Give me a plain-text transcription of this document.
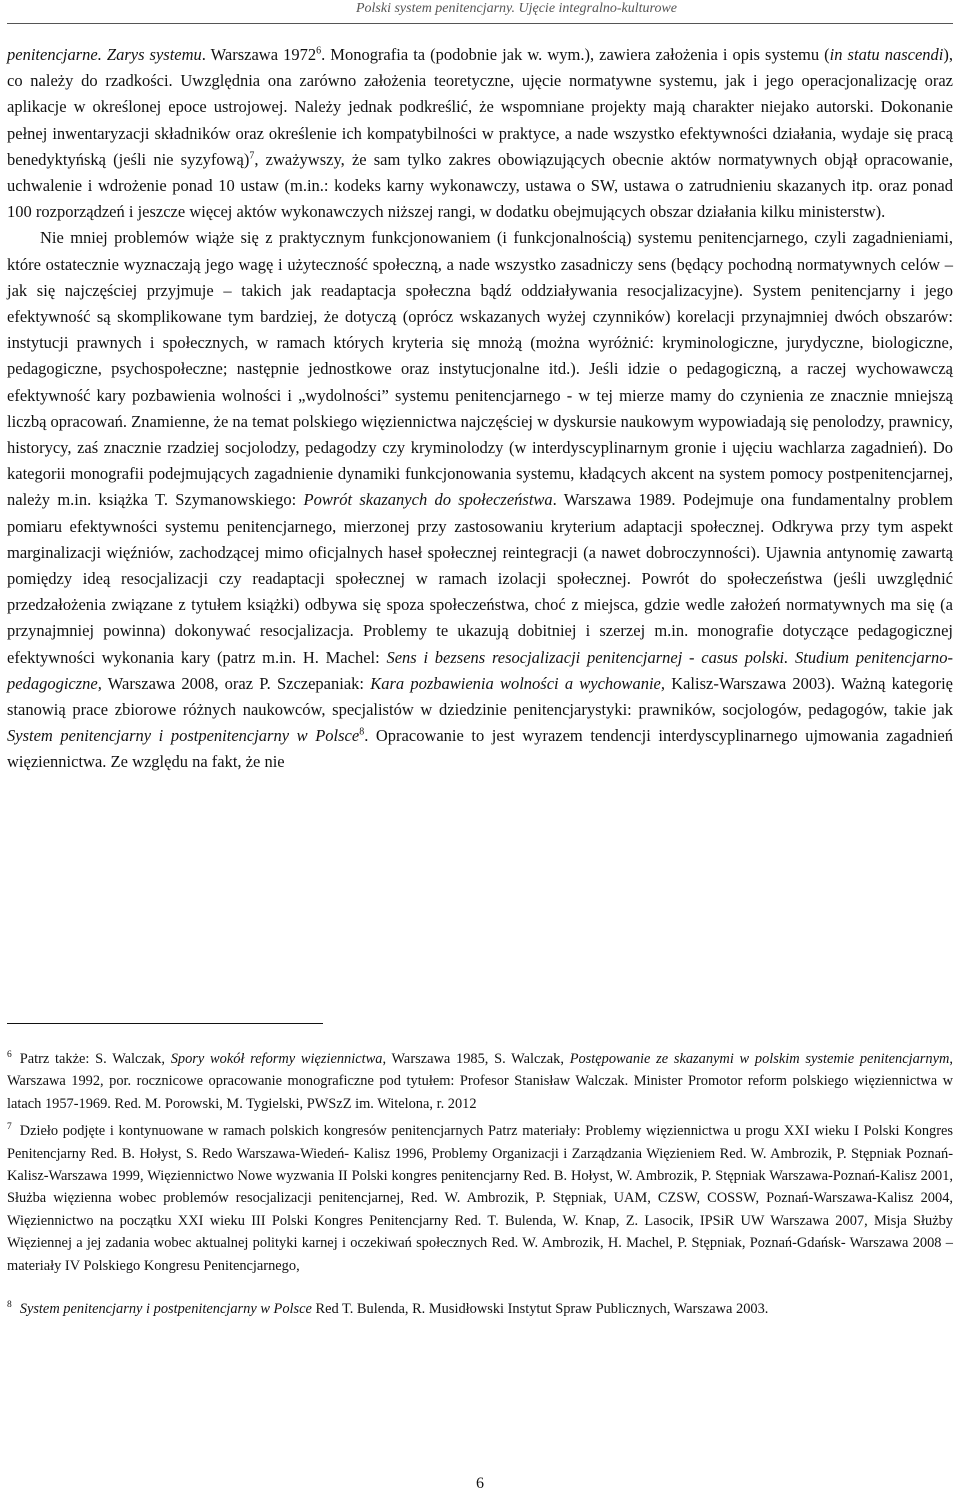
Polski system penitencjarny. Ujęcie integralno-kulturowe

penitencjarne. Zarys systemu. Warszawa 1972$^6$. Monografia ta (podobnie jak w. wym.), zawiera założenia i opis systemu (in statu nascendi), co należy do rzadkości. Uwzględnia ona zarówno założenia teoretyczne, ujęcie normatywne systemu, jak i jego operacjonalizację oraz aplikacje w określonej epoce ustrojowej. Należy jednak podkreślić, że wspomniane projekty mają charakter niejako autorski. Dokonanie pełnej inwentaryzacji składników oraz określenie ich kompatybilności w praktyce, a nade wszystko efektywności działania, wydaje się pracą benedyktyńską (jeśli nie syzyfową)$^7$, zważywszy, że sam tylko zakres obowiązujących obecnie aktów normatywnych objął opracowanie, uchwalenie i wdrożenie ponad 10 ustaw (m.in.: kodeks karny wykonawczy, ustawa o SW, ustawa o zatrudnieniu skazanych itp. oraz ponad 100 rozporządzeń i jeszcze więcej aktów wykonawczych niższej rangi, w dodatku obejmujących obszar działania kilku ministerstw).

Nie mniej problemów wiąże się z praktycznym funkcjonowaniem (i funkcjonalnością) systemu penitencjarnego, czyli zagadnieniami, które ostatecznie wyznaczają jego wagę i użyteczność społeczną, a nade wszystko zasadniczy sens (będący pochodną normatywnych celów – jak się najczęściej przyjmuje – takich jak readaptacja społeczna bądź oddziaływania resocjalizacyjne). System penitencjarny i jego efektywność są skomplikowane tym bardziej, że dotyczą (oprócz wskazanych wyżej czynników) korelacji przynajmniej dwóch obszarów: instytucji prawnych i społecznych, w ramach których kryteria się mnożą (można wyróżnić: kryminologiczne, jurydyczne, biologiczne, pedagogiczne, psychospołeczne; następnie jednostkowe oraz instytucjonalne itd.). Jeśli idzie o pedagogiczną, a raczej wychowawczą efektywność kary pozbawienia wolności i „wydolności” systemu penitencjarnego - w tej mierze mamy do czynienia ze znacznie mniejszą liczbą opracowań. Znamienne, że na temat polskiego więziennictwa najczęściej w dyskursie naukowym wypowiadają się penolodzy, prawnicy, historycy, zaś znacznie rzadziej socjolodzy, pedagodzy czy kryminolodzy (w interdyscyplinarnym gronie i ujęciu wachlarza zagadnień). Do kategorii monografii podejmujących zagadnienie dynamiki funkcjonowania systemu, kładących akcent na system pomocy postpenitencjarnej, należy m.in. książka T. Szymanowskiego: Powrót skazanych do społeczeństwa. Warszawa 1989. Podejmuje ona fundamentalny problem pomiaru efektywności systemu penitencjarnego, mierzonej przy zastosowaniu kryterium adaptacji społecznej. Odkrywa przy tym aspekt marginalizacji więźniów, zachodzącej mimo oficjalnych haseł społecznej reintegracji (a nawet dobroczynności). Ujawnia antynomię zawartą pomiędzy ideą resocjalizacji czy readaptacji społecznej w ramach izolacji społecznej. Powrót do społeczeństwa (jeśli uwzględnić przedzałożenia związane z tytułem książki) odbywa się spoza społeczeństwa, choć z miejsca, gdzie wedle założeń normatywnych ma się (a przynajmniej powinna) dokonywać resocjalizacja. Problemy te ukazują dobitniej i szerzej m.in. monografie dotyczące pedagogicznej efektywności wykonania kary (patrz m.in. H. Machel: Sens i bezsens resocjalizacji penitencjarnej - casus polski. Studium penitencjarno-pedagogiczne, Warszawa 2008, oraz P. Szczepaniak: Kara pozbawienia wolności a wychowanie, Kalisz-Warszawa 2003). Ważną kategorię stanowią prace zbiorowe różnych naukowców, specjalistów w dziedzinie penitencjarystyki: prawników, socjologów, pedagogów, takie jak System penitencjarny i postpenitencjarny w Polsce$^8$. Opracowanie to jest wyrazem tendencji interdyscyplinarnego ujmowania zagadnień więziennictwa. Ze względu na fakt, że nie

$^6$ Patrz także: S. Walczak, Spory wokół reformy więziennictwa, Warszawa 1985, S. Walczak, Postępowanie ze skazanymi w polskim systemie penitencjarnym, Warszawa 1992, por. rocznicowe opracowanie monograficzne pod tytułem: Profesor Stanisław Walczak. Minister Promotor reform polskiego więziennictwa w latach 1957-1969. Red. M. Porowski, M. Tygielski, PWSzZ im. Witelona, r. 2012

$^7$ Dzieło podjęte i kontynuowane w ramach polskich kongresów penitencjarnych Patrz materiały: Problemy więziennictwa u progu XXI wieku I Polski Kongres Penitencjarny Red. B. Hołyst, S. Redo Warszawa-Wiedeń- Kalisz 1996, Problemy Organizacji i Zarządzania Więzieniem Red. W. Ambrozik, P. Stępniak Poznań-Kalisz-Warszawa 1999, Więziennictwo Nowe wyzwania II Polski kongres penitencjarny Red. B. Hołyst, W. Ambrozik, P. Stępniak Warszawa-Poznań-Kalisz 2001, Służba więzienna wobec problemów resocjalizacji penitencjarnej, Red. W. Ambrozik, P. Stępniak, UAM, CZSW, COSSW, Poznań-Warszawa-Kalisz 2004, Więziennictwo na początku XXI wieku III Polski Kongres Penitencjarny Red. T. Bulenda, W. Knap, Z. Lasocik, IPSiR UW Warszawa 2007, Misja Służby Więziennej a jej zadania wobec aktualnej polityki karnej i oczekiwań społecznych Red. W. Ambrozik, H. Machel, P. Stępniak, Poznań-Gdańsk- Warszawa 2008 – materiały IV Polskiego Kongresu Penitencjarnego,

$^8$ System penitencjarny i postpenitencjarny w Polsce Red T. Bulenda, R. Musidłowski Instytut Spraw Publicznych, Warszawa 2003.

6
